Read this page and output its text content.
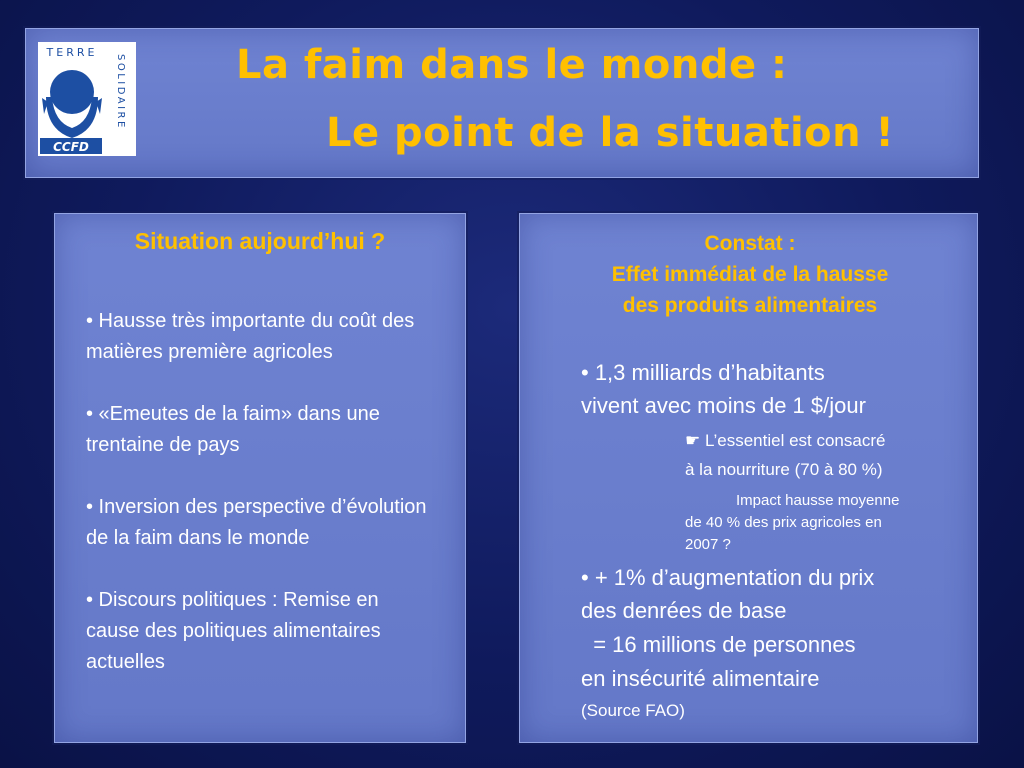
TERRE
CCFD
SOLIDAIRE	La faim dans le monde :
Le point de la situation !
Situation aujourd’hui ?
• Hausse très importante du coût des matières première agricoles
• «Emeutes de la faim» dans une trentaine de pays
• Inversion des perspective d’évolution de la faim dans le monde
• Discours politiques : Remise en cause des politiques alimentaires actuelles
Constat :
Effet immédiat de la hausse
des produits alimentaires
• 1,3 milliards d’habitants
vivent avec moins de 1 $/jour
☛ L’essentiel est consacré
à la nourriture (70 à 80 %)
Impact hausse moyenne
de 40 % des prix agricoles en
2007 ?
• + 1% d’augmentation du prix
des denrées de base
= 16 millions de personnes
en insécurité alimentaire
(Source FAO)
